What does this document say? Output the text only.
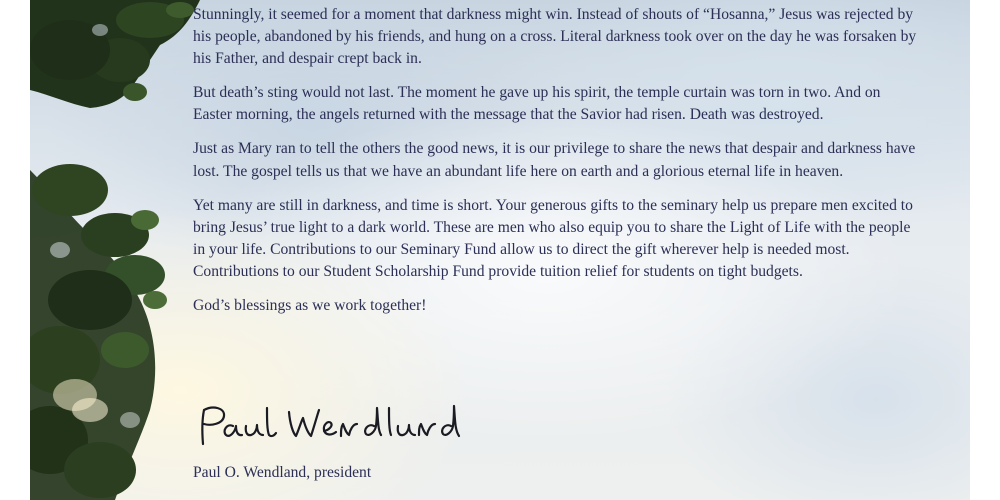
Stunningly, it seemed for a moment that darkness might win. Instead of shouts of “Hosanna,” Jesus was rejected by his people, abandoned by his friends, and hung on a cross. Literal darkness took over on the day he was forsaken by his Father, and despair crept back in.

But death’s sting would not last. The moment he gave up his spirit, the temple curtain was torn in two. And on Easter morning, the angels returned with the message that the Savior had risen. Death was destroyed.

Just as Mary ran to tell the others the good news, it is our privilege to share the news that despair and darkness have lost. The gospel tells us that we have an abundant life here on earth and a glorious eternal life in heaven.

Yet many are still in darkness, and time is short. Your generous gifts to the seminary help us prepare men excited to bring Jesus’ true light to a dark world. These are men who also equip you to share the Light of Life with the people in your life. Contributions to our Seminary Fund allow us to direct the gift wherever help is needed most. Contributions to our Student Scholarship Fund provide tuition relief for students on tight budgets.

God’s blessings as we work together!

Paul O. Wendland, president
